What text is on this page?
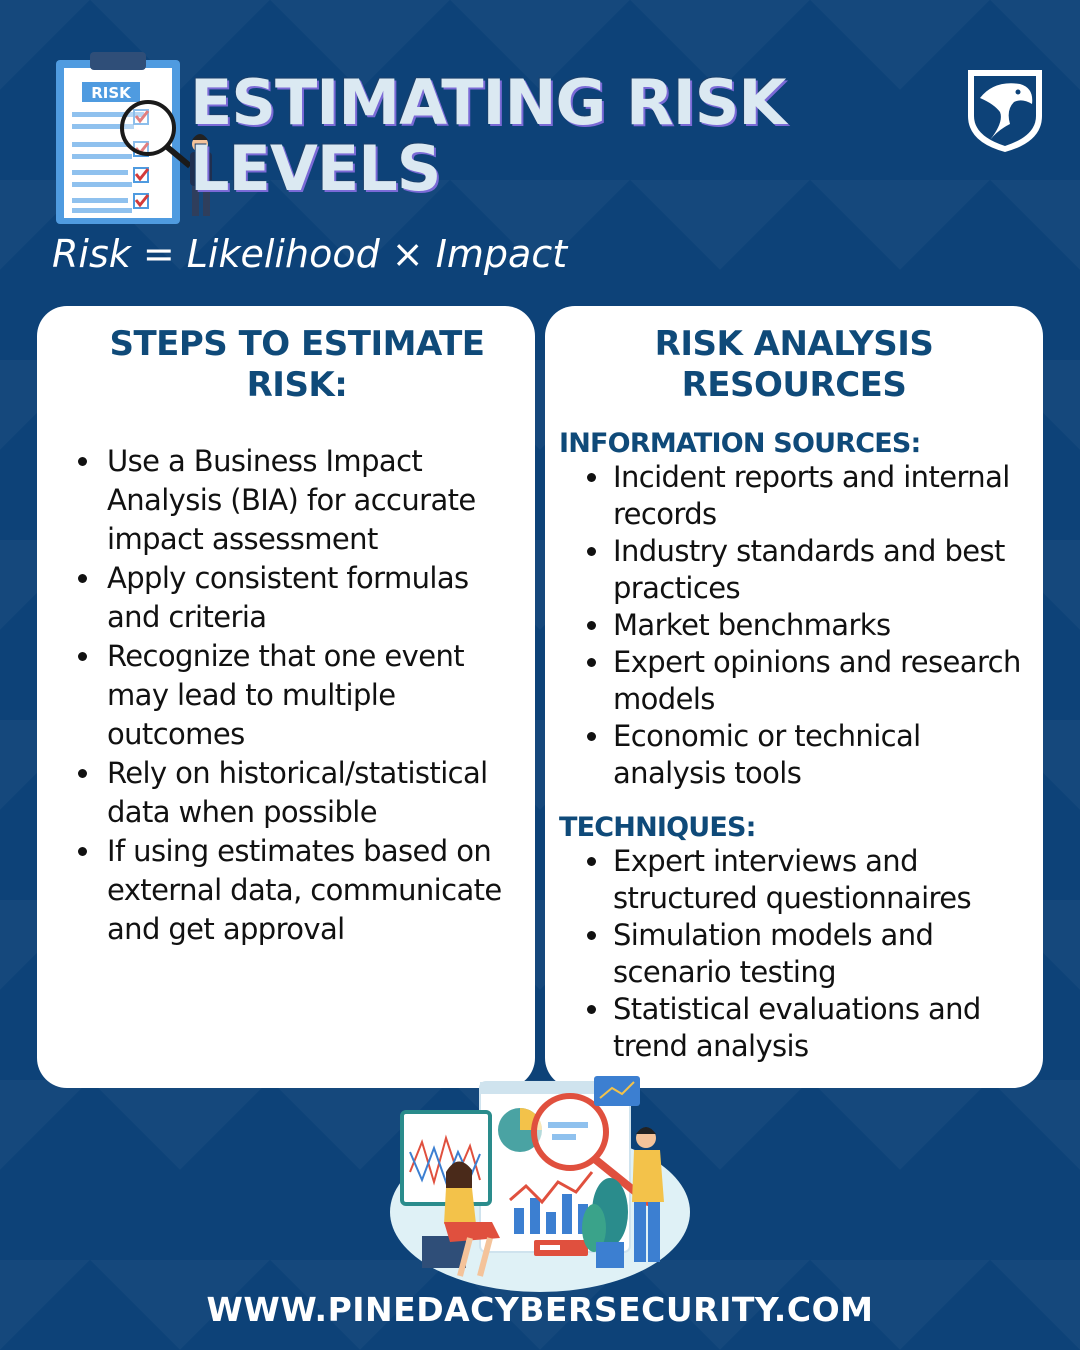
RISK ESTIMATING RISK
LEVELS

Risk = Likelihood × Impact

STEPS TO ESTIMATE
RISK:
Use a Business Impact Analysis (BIA) for accurate impact assessment
Apply consistent formulas and criteria
Recognize that one event may lead to multiple outcomes
Rely on historical/statistical data when possible
If using estimates based on external data, communicate and get approval
RISK ANALYSIS
RESOURCES
INFORMATION SOURCES:
Incident reports and internal records
Industry standards and best practices
Market benchmarks
Expert opinions and research models
Economic or technical analysis tools
TECHNIQUES:
Expert interviews and structured questionnaires
Simulation models and scenario testing
Statistical evaluations and trend analysis
WWW.PINEDACYBERSECURITY.COM
